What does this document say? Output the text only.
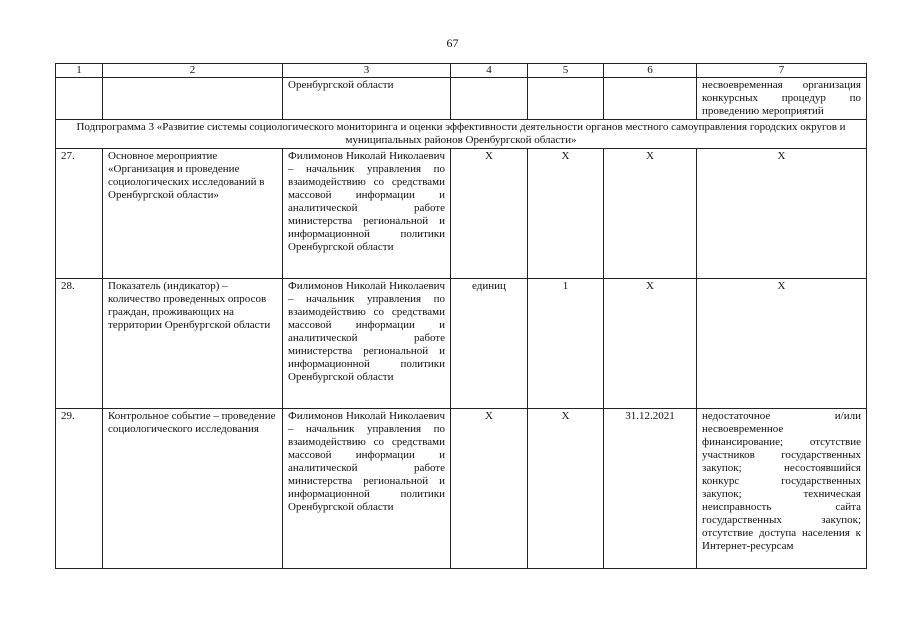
67
1	2	3	4	5	6	7
		Оренбургской области				несвоевременная организация конкурсных процедур по проведению мероприятий
Подпрограмма 3 «Развитие системы социологического мониторинга и оценки эффективности деятельности органов местного самоуправления городских округов и муниципальных районов Оренбургской области»						
27.	Основное мероприятие «Организация и проведение социологических исследований в Оренбургской области»	Филимонов Николай Николаевич – начальник управления по взаимодействию со средствами массовой информации и аналитической работе министерства региональной и информационной политики Оренбургской области	X	X	X	X
28.	Показатель (индикатор) – количество проведенных опросов граждан, проживающих на территории Оренбургской области	Филимонов Николай Николаевич – начальник управления по взаимодействию со средствами массовой информации и аналитической работе министерства региональной и информационной политики Оренбургской области	единиц	1	X	X
29.	Контрольное событие – проведение социологического исследования	Филимонов Николай Николаевич – начальник управления по взаимодействию со средствами массовой информации и аналитической работе министерства региональной и информационной политики Оренбургской области	X	X	31.12.2021	недостаточное и/или несвоевременное финансирование; отсутствие участников государственных закупок; несостоявшийся конкурс государственных закупок; техническая неисправность сайта государственных закупок; отсутствие доступа населения к Интернет-ресурсам
